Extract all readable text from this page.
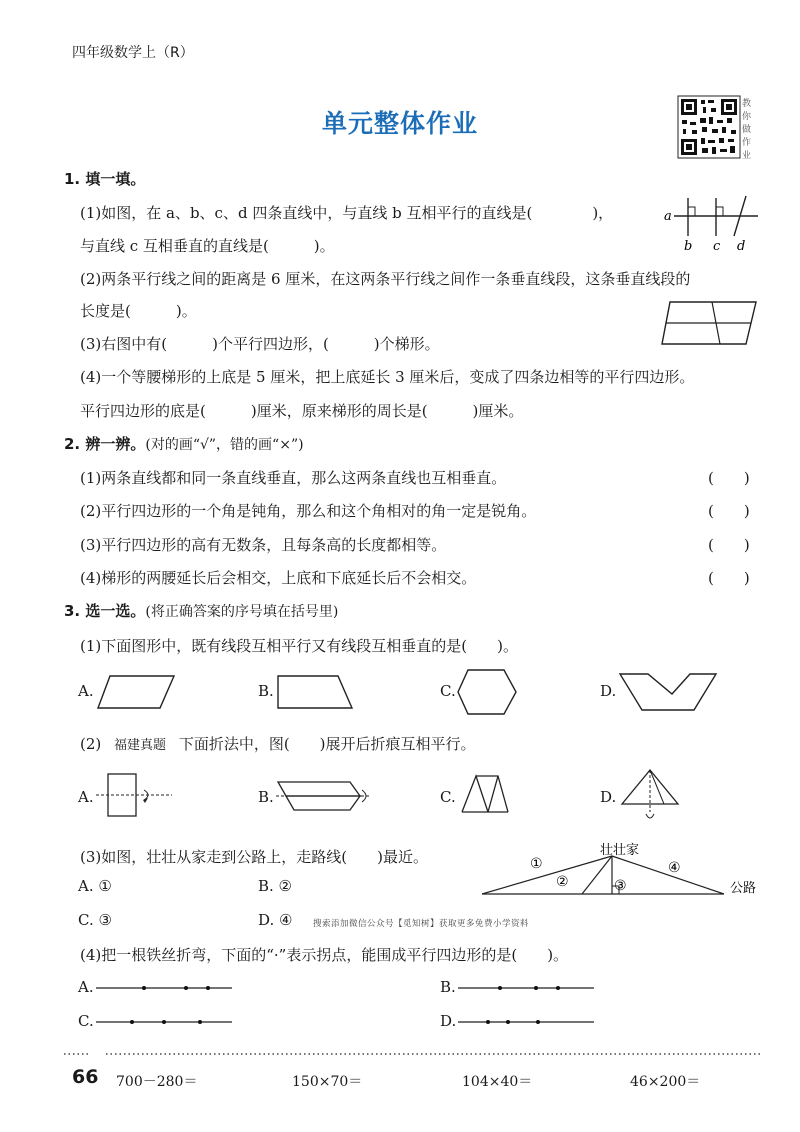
四年级数学上（R）
单元整体作业
教你做作业
1. 填一填。
(1)如图，在 a、b、c、d 四条直线中，与直线 b 互相平行的直线是(　　　　)，
与直线 c 互相垂直的直线是(　　　)。
a
b c d
(2)两条平行线之间的距离是 6 厘米，在这两条平行线之间作一条垂直线段，这条垂直线段的
长度是(　　　)。
(3)右图中有(　　　)个平行四边形，(　　　)个梯形。
(4)一个等腰梯形的上底是 5 厘米，把上底延长 3 厘米后，变成了四条边相等的平行四边形。
平行四边形的底是(　　　)厘米，原来梯形的周长是(　　　)厘米。
2. 辨一辨。(对的画“√”，错的画“×”)
(1)两条直线都和同一条直线垂直，那么这两条直线也互相垂直。	(　　)
(2)平行四边形的一个角是钝角，那么和这个角相对的角一定是锐角。	(　　)
(3)平行四边形的高有无数条，且每条高的长度都相等。	(　　)
(4)梯形的两腰延长后会相交，上底和下底延长后不会相交。	(　　)
3. 选一选。(将正确答案的序号填在括号里)
(1)下面图形中，既有线段互相平行又有线段互相垂直的是(　　)。
A.	B.	C.	D.
(2) 福建真题 下面折法中，图(　　)展开后折痕互相平行。
A.	B.	C.	D.
(3)如图，壮壮从家走到公路上，走路线(　　)最近。
A. ①	B. ②
C. ③	D. ④
壮壮家
公路
①
②	③
④
搜索添加微信公众号【觅知树】获取更多免费小学资料
(4)把一根铁丝折弯，下面的“·”表示拐点，能围成平行四边形的是(　　)。
A.	B.
C.	D.
66 700－280＝	150×70＝	104×40＝	46×200＝
